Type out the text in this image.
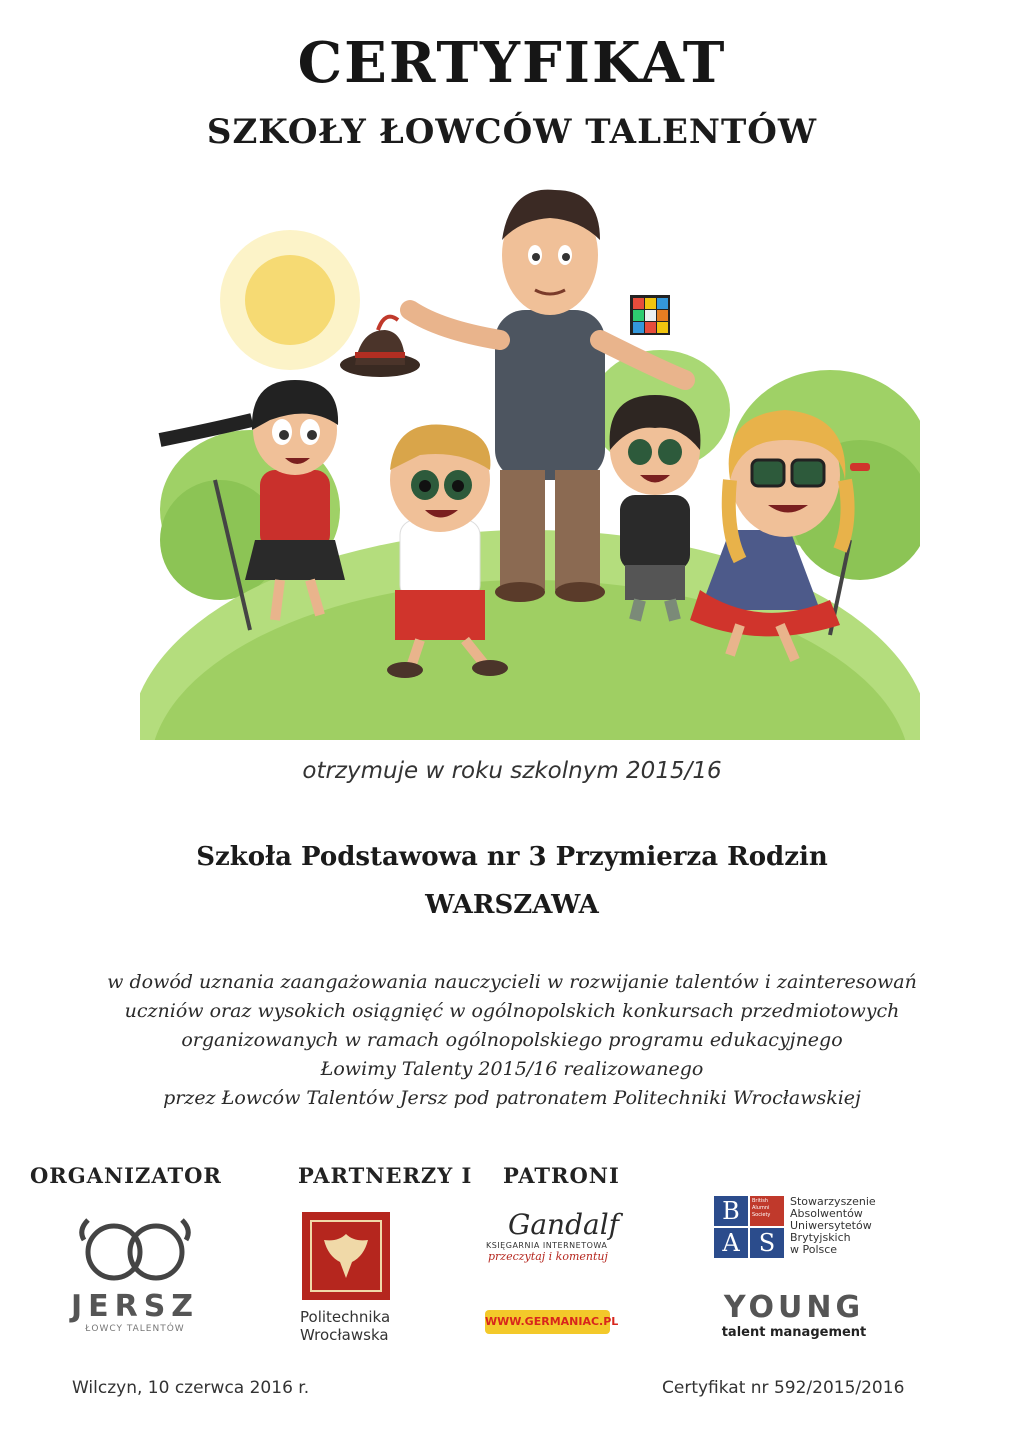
CERTYFIKAT
SZKOŁY ŁOWCÓW TALENTÓW
otrzymuje w roku szkolnym 2015/16
Szkoła Podstawowa nr 3 Przymierza Rodzin
WARSZAWA
w dowód uznania zaangażowania nauczycieli w rozwijanie talentów i zainteresowań
uczniów oraz wysokich osiągnięć w ogólnopolskich konkursach przedmiotowych
organizowanych w ramach ogólnopolskiego programu edukacyjnego
Łowimy Talenty 2015/16 realizowanego
przez Łowców Talentów Jersz pod patronatem Politechniki Wrocławskiej
ORGANIZATOR	PARTNERZY I PATRONI
JERSZ
ŁOWCY TALENTÓW
Politechnika
Wrocławska
Gandalf
KSIĘGARNIA INTERNETOWA
przeczytaj i komentuj
WWW.GERMANIAC.PL
B	British Alumni Society
A S
Stowarzyszenie
Absolwentów
Uniwersytetów
Brytyjskich
w Polsce
YOUNG
talent management
Wilczyn, 10 czerwca 2016 r.	Certyfikat nr 592/2015/2016
